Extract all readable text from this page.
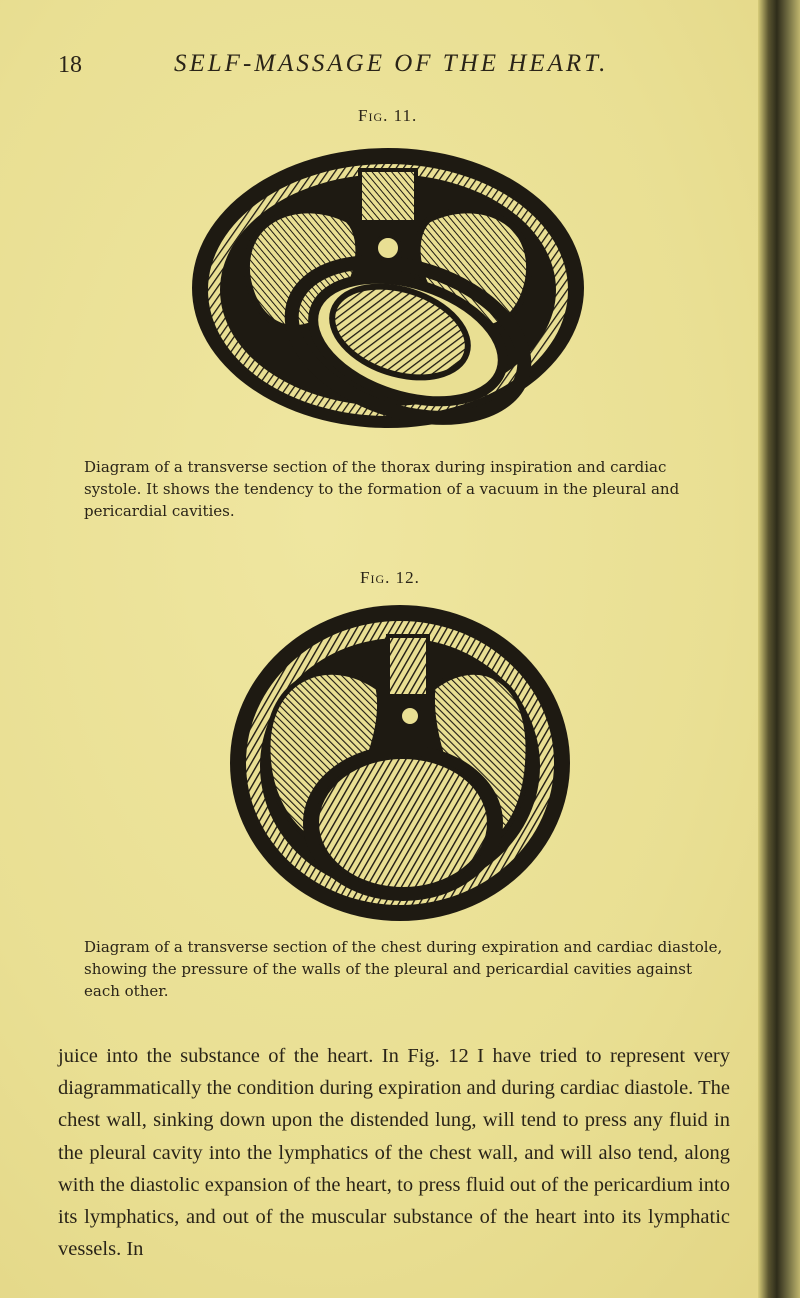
18	SELF-MASSAGE OF THE HEART.
Fig. 11.
Diagram of a transverse section of the thorax during inspiration and cardiac systole. It shows the tendency to the formation of a vacuum in the pleural and pericardial cavities.
Fig. 12.
Diagram of a transverse section of the chest during expiration and cardiac diastole, showing the pressure of the walls of the pleural and pericardial cavities against each other.
juice into the substance of the heart. In Fig. 12 I have tried to represent very diagrammatically the condition during expiration and during cardiac diastole. The chest wall, sinking down upon the distended lung, will tend to press any fluid in the pleural cavity into the lymphatics of the chest wall, and will also tend, along with the diastolic expansion of the heart, to press fluid out of the pericardium into its lymphatics, and out of the muscular substance of the heart into its lymphatic vessels. In
